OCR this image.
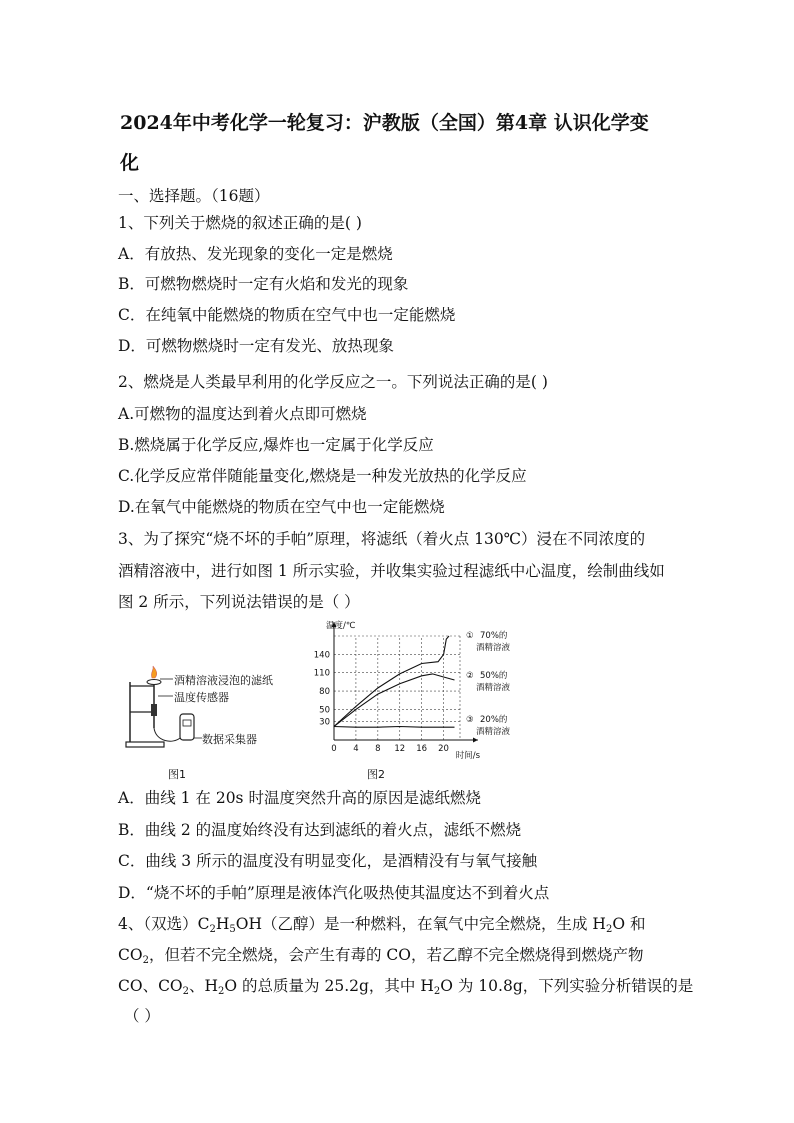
2024年中考化学一轮复习：沪教版（全国）第4章 认识化学变
化
一、选择题。（16题）
1、下列关于燃烧的叙述正确的是( )
A．有放热、发光现象的变化一定是燃烧
B．可燃物燃烧时一定有火焰和发光的现象
C．在纯氧中能燃烧的物质在空气中也一定能燃烧
D．可燃物燃烧时一定有发光、放热现象
2、燃烧是人类最早利用的化学反应之一。下列说法正确的是( )
A.可燃物的温度达到着火点即可燃烧
B.燃烧属于化学反应,爆炸也一定属于化学反应
C.化学反应常伴随能量变化,燃烧是一种发光放热的化学反应
D.在氧气中能燃烧的物质在空气中也一定能燃烧
3、为了探究“烧不坏的手帕”原理，将滤纸（着火点 130℃）浸在不同浓度的
酒精溶液中，进行如图 1 所示实验，并收集实验过程滤纸中心温度，绘制曲线如
图 2 所示，下列说法错误的是（ ）
酒精溶液浸泡的滤纸
温度传感器
数据采集器
图1
0 4 8 12 16 20
30
50
80
110
140
温度/℃
时间/s
① 70%的
酒精溶液
② 50%的
酒精溶液
③ 20%的
酒精溶液
图2
A．曲线 1 在 20s 时温度突然升高的原因是滤纸燃烧
B．曲线 2 的温度始终没有达到滤纸的着火点，滤纸不燃烧
C．曲线 3 所示的温度没有明显变化，是酒精没有与氧气接触
D．“烧不坏的手帕”原理是液体汽化吸热使其温度达不到着火点
4、（双选）$C_2H_5OH$（乙醇）是一种燃料，在氧气中完全燃烧，生成 $H_2O$ 和
$CO_2$，但若不完全燃烧，会产生有毒的 CO，若乙醇不完全燃烧得到燃烧产物
CO、$CO_2$、$H_2O$ 的总质量为 25.2g，其中 $H_2O$ 为 10.8g，下列实验分析错误的是
（ ）
